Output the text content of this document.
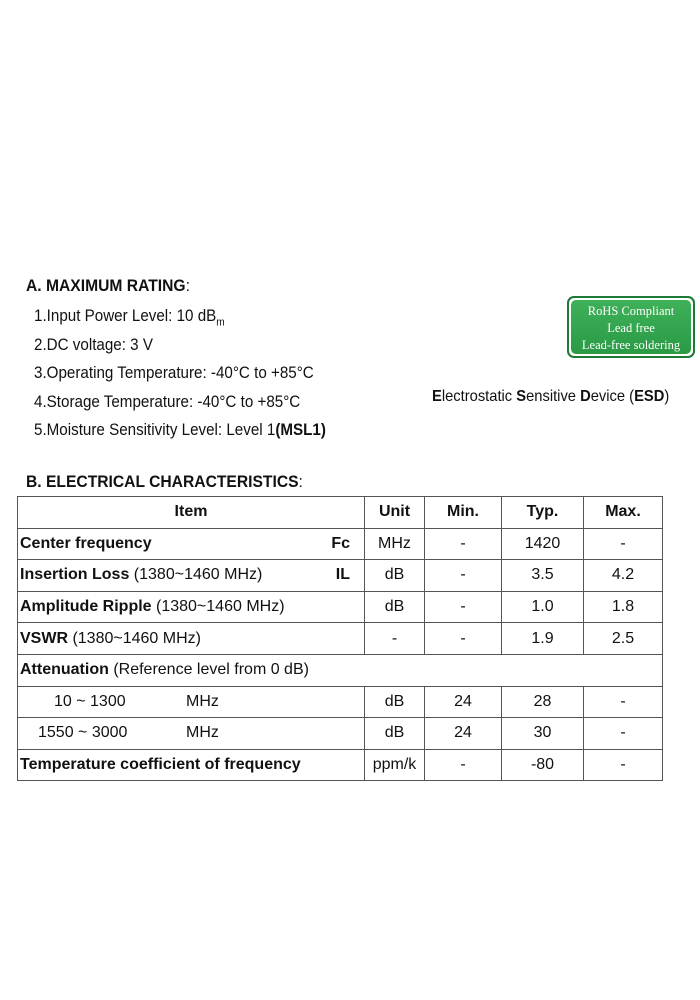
A. MAXIMUM RATING:
1.Input Power Level: 10 $dB_m$
2.DC voltage: 3 V
3.Operating Temperature: -40°C to +85°C
4.Storage Temperature: -40°C to +85°C
5.Moisture Sensitivity Level: Level 1(MSL1)
RoHS Compliant
Lead free
Lead-free soldering
Electrostatic Sensitive Device (ESD)
B. ELECTRICAL CHARACTERISTICS:
Item	Unit	Min.	Typ.	Max.

Center frequency Fc	MHz	-	1420	-

Insertion Loss (1380~1460 MHz) IL	dB	-	3.5	4.2
Amplitude Ripple (1380~1460 MHz)	dB	-	1.0	1.8
VSWR (1380~1460 MHz)	-	-	1.9	2.5
Attenuation (Reference level from 0 dB)				

10 ~ 1300 MHz	dB	24	28	-

1550 ~ 3000 MHz	dB	24	30	-
Temperature coefficient of frequency	ppm/k	-	-80	-
